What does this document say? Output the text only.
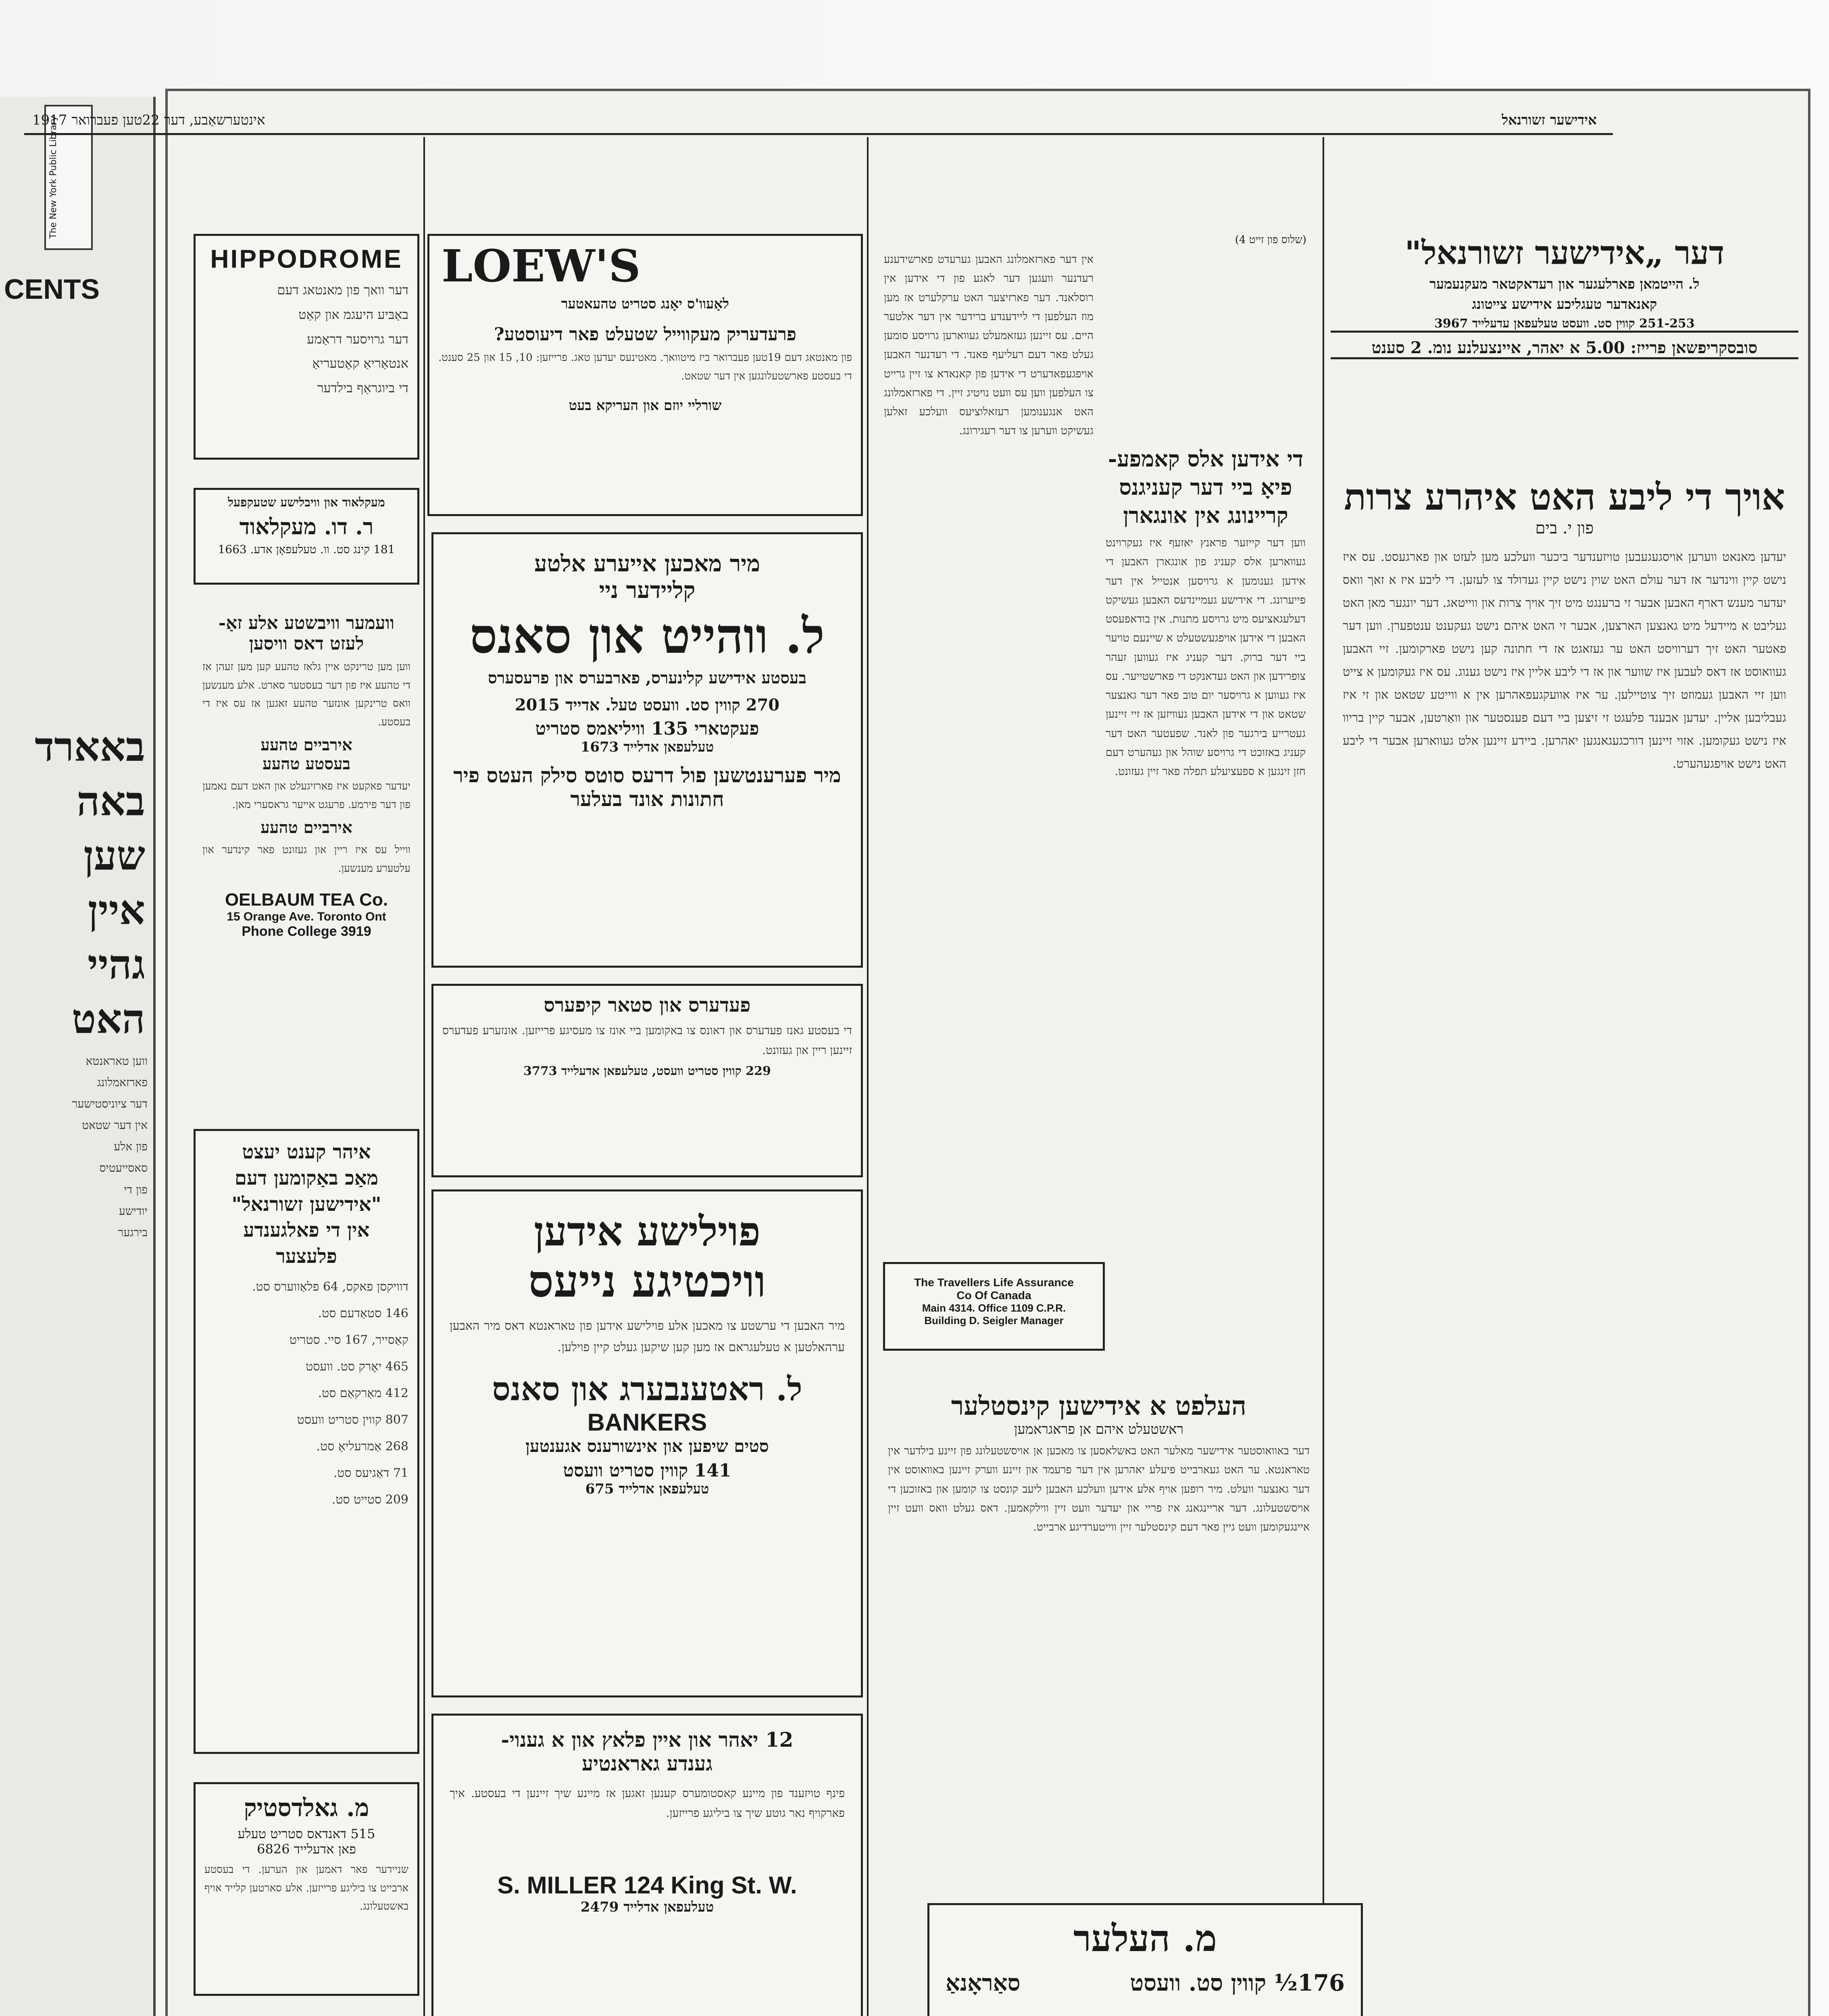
The New York Public Library
CENTS
באארד
באה
שען
איין
גהיי
האט
ווען טאראנטא
פארזאמלונג
דער ציוניסטישער
אין דער שטאט
פון אלע
סאסייעטיס
פון די
יודישע
בירגער
1917 אינטערשאַבע, דער 22טען פעברואר	אידישער זשורנאל
HIPPODROME
דער וואך פון מאנטאג דעם
באַבּיע היעגמ און קאַט
דער גרויסער דראַמע
אנטאַריאַ קאַטעריאַ
די ביוגראַף בילדער
מעקלאוד און וויבלישע שטעקפעל
ר. דו. מעקלאוד
181 קינג סט. וו. טעלעפאָן אדע. 1663
וועמער וויבשטע אלע זאַ-
לעזט דאס וויסען
ווען מען טרינקט איין גלאז טהעע קען מען זעהן אז די טהעע איז פון דער בעסטער סארט. אלע מענשען וואס טרינקען אונזער טהעע זאגען אז עס איז די בעסטע.
אירביים טהעע
בעסטע טהעע
יעדער פאקעט איז פארזיגעלט און האט דעם נאמען פון דער פירמע. פרעגט אייער גראסערי מאן.
אירביים טהעע
ווייל עס איז ריין און געזונט פאר קינדער און עלטערע מענשען.
OELBAUM TEA Co.
15 Orange Ave. Toronto Ont
Phone College 3919
איהר קענט יעצט
מאַכ באַקומען דעם
"אידישען זשורנאל"
אין די פאלגענדע
פלעצער
דוויקסן פאקס, 64 פלאַווערס סט.
146 סטאַדעם סט.
קאַסייר, 167 סיי. סטריט
465 יאָרק סט. וועסט
412 מאַרקאַם סט.
807 קווין סטריט וועסט
268 אַמרעליאַ סט.
71 דאַגיעס סט.
209 סטייט סט.
מ. גאלדסטיק
515 דאנדאס סטריט טעלע
פאן אדעלייד 6826
שניידער פאר דאמען און הערען. די בעסטע ארבייט צו ביליגע פרייזען. אלע סארטען קלייד אויף באשטעלונג.
LOEW'S
לאָעוו'ס יאָנג סטריט טהעאטער
פרעדעריק מעקווייל שטעלט פאר דיעוסטע?
פון מאנטאג דעם 19טען פעברואר ביז מיטוואך. מאטינעס יעדען טאג. פרייזען: 10, 15 און 25 סענט. די בעסטע פארשטעלונגען אין דער שטאט.
שורליי יוזם און העריקא בעט
מיר מאכען אייערע אלטע
קליידער ניי
ל. ווהייט און סאנס
בעסטע אידישע קלינערס, פארבערס און פרעסערס
270 קווין סט. וועסט טעל. אדייד 2015
פעקטארי 135 וויליאמס סטריט
טעלעפאן אדלייד 1673
מיר פערענטשען פול דרעס סוטס סילק העטס פיר חתונות אונד בעלער
פעדערס און סטאר קיפערס
די בעסטע גאנז פעדערס און דאונס צו באקומען ביי אונז צו מעסיגע פרייזען. אונזערע פעדערס זיינען ריין און געזונט.
229 קווין סטריט וועסט, טעלעפאן אדעלייד 3773
פוילישע אידען
וויכטיגע נייעס
מיר האבען די ערשטע צו מאכען אלע פוילישע אידען פון טאראנטא דאס מיר האבען ערהאלטען א טעלעגראם אז מען קען שיקען געלט קיין פוילען.
ל. ראטענבערג און סאנס
BANKERS
סטים שיפען און אינשורענס אגענטען
141 קווין סטריט וועסט
טעלעפאן אדלייד 675
12 יאהר און איין פלאץ און א גענוי-
גענדע גאראנטיע
פינף טויזענד פון מיינע קאסטומערס קענען זאגען אז מיינע שיך זיינען די בעסטע. איך פארקויף נאר גוטע שיך צו ביליגע פרייזען.
S. MILLER 124 King St. W.
טעלעפאן אדלייד 2479
(שלוס פון זייט 4)
אין דער פארזאמלונג האבען גערעדט פארשידענע רעדנער וועגען דער לאגע פון די אידען אין רוסלאנד. דער פארזיצער האט ערקלערט אז מען מוז העלפען די ליידענדע ברידער אין דער אלטער היים. עס זיינען געזאמעלט געווארען גרויסע סומען געלט פאר דעם רעליעף פאנד. די רעדנער האבען אויפגעפאדערט די אידען פון קאנאדא צו זיין גרייט צו העלפען ווען עס וועט נויטיג זיין. די פארזאמלונג האט אנגענומען רעזאלוציעס וועלכע זאלען געשיקט ווערען צו דער רעגירונג.
די אידען אלס קאמפע-
פיאָ ביי דער קעניגנס
קריינונג אין אונגארן
ווען דער קייזער פראנץ יאזעף איז געקרוינט געווארען אלס קעניג פון אונגארן האבען די אידען גענומען א גרויסען אנטייל אין דער פייערונג. די אידישע געמיינדעס האבען געשיקט דעלעגאציעס מיט גרויסע מתנות. אין בודאפעסט האבען די אידען אויפגעשטעלט א שיינעם טויער ביי דער ברוק. דער קעניג איז געווען זעהר צופרידען און האט געדאנקט די פארשטייער. עס איז געווען א גרויסער יום טוב פאר דער גאנצער שטאט און די אידען האבען געוויזען אז זיי זיינען געטרייע בירגער פון לאנד. שפעטער האט דער קעניג באזוכט די גרויסע שוהל און געהערט דעם חזן זינגען א ספעציעלע תפלה פאר זיין געזונט.
The Travellers Life Assurance
Co Of Canada
Main 4314. Office 1109 C.P.R.
Building D. Seigler Manager
העלפט א אידישען קינסטלער
ראשטעלט איהם אן פראגראמען
דער באוואוסטער אידישער מאלער האט באשלאסען צו מאכען אן אויסשטעלונג פון זיינע בילדער אין טאראנטא. ער האט געארבייט פיעלע יאהרען אין דער פרעמד און זיינע ווערק זיינען באוואוסט אין דער גאנצער וועלט. מיר רופען אויף אלע אידען וועלכע האבען ליעב קונסט צו קומען און באזוכען די אויסשטעלונג. דער אריינגאנג איז פריי און יעדער וועט זיין ווילקאמען. דאס געלט וואס וועט זיין איינגעקומען וועט גיין פאר דעם קינסטלער זיין ווייטערדיגע ארבייט.
מ. העלער
176½ קווין סט. וועסט
סאַראָנאַ
דער „אידישער זשורנאל"
ל. הייטמאן פארלעגער און רעדאקטאר מעקנעמער
קאנאדער טעגליכע אידישע צייטונג
251-253 קווין סט. וועסט טעלעפאן עדעלייד 3967
סובסקריפשאן פרייז: 5.00 א יאהר, איינצעלנע נומ. 2 סענט
אויך די ליבע האט איהרע צרות
פון י. בים
יעדען מאנאט ווערען אויסגעגעבען טויזענדער ביכער וועלכע מען לעזט און פארגעסט. עס איז נישט קיין ווינדער אז דער עולם האט שוין נישט קיין געדולד צו לעזען. די ליבע איז א זאך וואס יעדער מענש דארף האבען אבער זי ברענגט מיט זיך אויך צרות און ווייטאג. דער יונגער מאן האט געליבט א מיידעל מיט גאנצען הארצען, אבער זי האט איהם נישט געקענט ענטפערן. ווען דער פאטער האט זיך דערוויסט האט ער געזאגט אז די חתונה קען נישט פארקומען. זיי האבען געוואוסט אז דאס לעבען איז שווער און אז די ליבע אליין איז נישט גענוג. עס איז געקומען א צייט ווען זיי האבען געמוזט זיך צוטיילען. ער איז אוועקגעפאהרען אין א ווייטע שטאט און זי איז געבליבען אליין. יעדען אבענד פלעגט זי זיצען ביי דעם פענסטער און וואַרטען, אבער קיין בריוו איז נישט געקומען. אזוי זיינען דורכגעגאנגען יאהרען. ביידע זיינען אלט געווארען אבער די ליבע האט נישט אויפגעהערט.
